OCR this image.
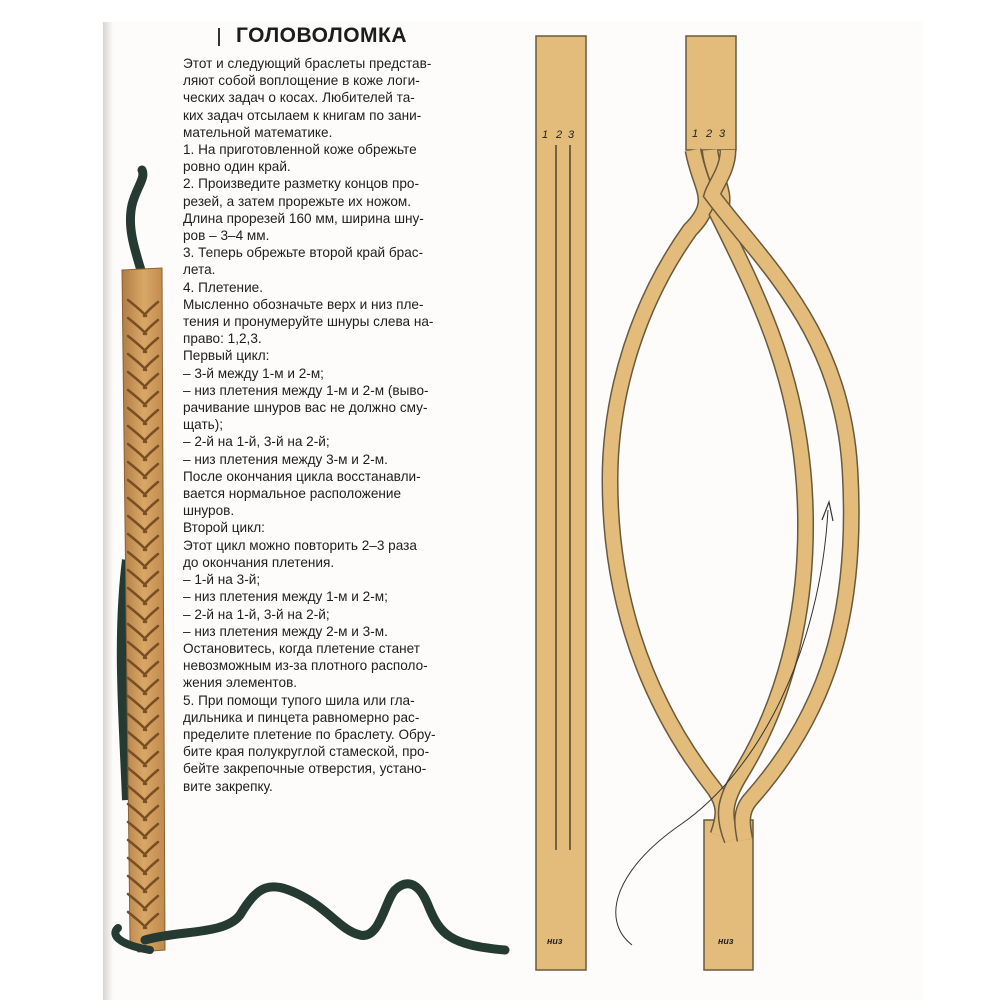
1 2 3
низ
1 2 3
низ
ГОЛОВОЛОМКА
Этот и следующий браслеты представ-
ляют собой воплощение в коже логи-
ческих задач о косах. Любителей та-
ких задач отсылаем к книгам по зани-
мательной математике.
1. На приготовленной коже обрежьте
ровно один край.
2. Произведите разметку концов про-
резей, а затем прорежьте их ножом.
Длина прорезей 160 мм, ширина шну-
ров – 3–4 мм.
3. Теперь обрежьте второй край брас-
лета.
4. Плетение.
Мысленно обозначьте верх и низ пле-
тения и пронумеруйте шнуры слева на-
право: 1,2,3.
Первый цикл:
– 3-й между 1-м и 2-м;
– низ плетения между 1-м и 2-м (выво-
рачивание шнуров вас не должно сму-
щать);
– 2-й на 1-й, 3-й на 2-й;
– низ плетения между 3-м и 2-м.
После окончания цикла восстанавли-
вается нормальное расположение
шнуров.
Второй цикл:
Этот цикл можно повторить 2–3 раза
до окончания плетения.
– 1-й на 3-й;
– низ плетения между 1-м и 2-м;
– 2-й на 1-й, 3-й на 2-й;
– низ плетения между 2-м и 3-м.
Остановитесь, когда плетение станет
невозможным из-за плотного располо-
жения элементов.
5. При помощи тупого шила или гла-
дильника и пинцета равномерно рас-
пределите плетение по браслету. Обру-
бите края полукруглой стамеской, про-
бейте закрепочные отверстия, устано-
вите закрепку.
